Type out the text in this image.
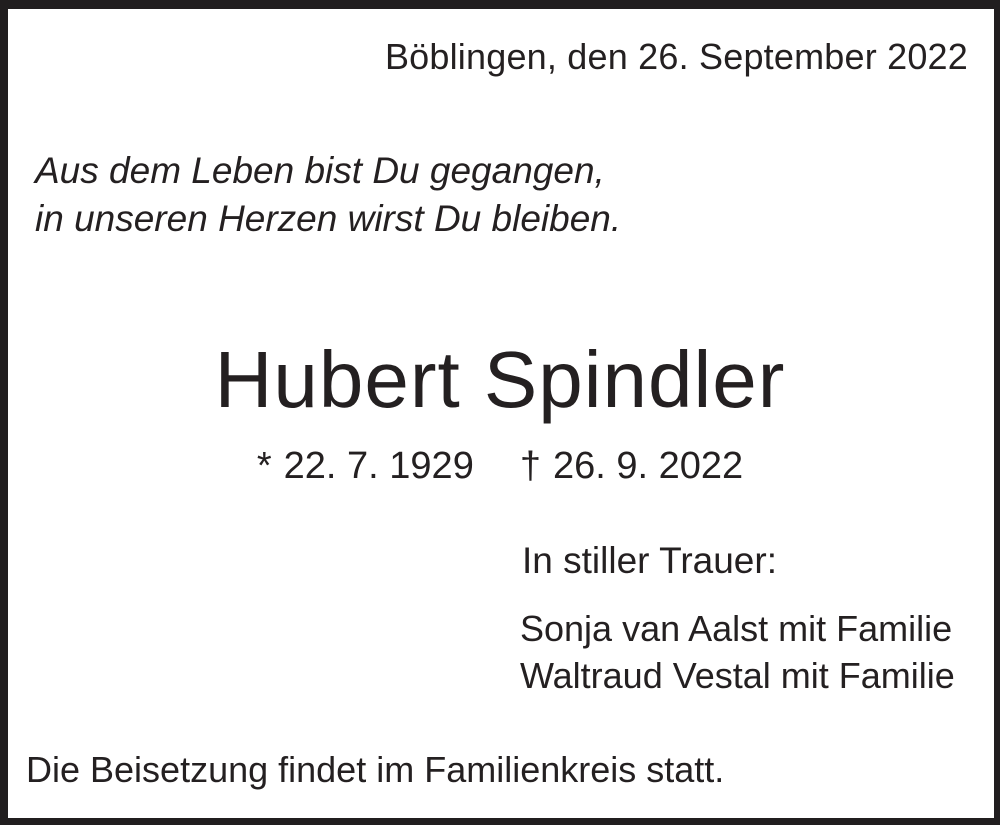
Böblingen, den 26. September 2022
Aus dem Leben bist Du gegangen,
in unseren Herzen wirst Du bleiben.
Hubert Spindler
* 22. 7. 1929 † 26. 9. 2022
In stiller Trauer:
Sonja van Aalst mit Familie
Waltraud Vestal mit Familie
Die Beisetzung findet im Familienkreis statt.
